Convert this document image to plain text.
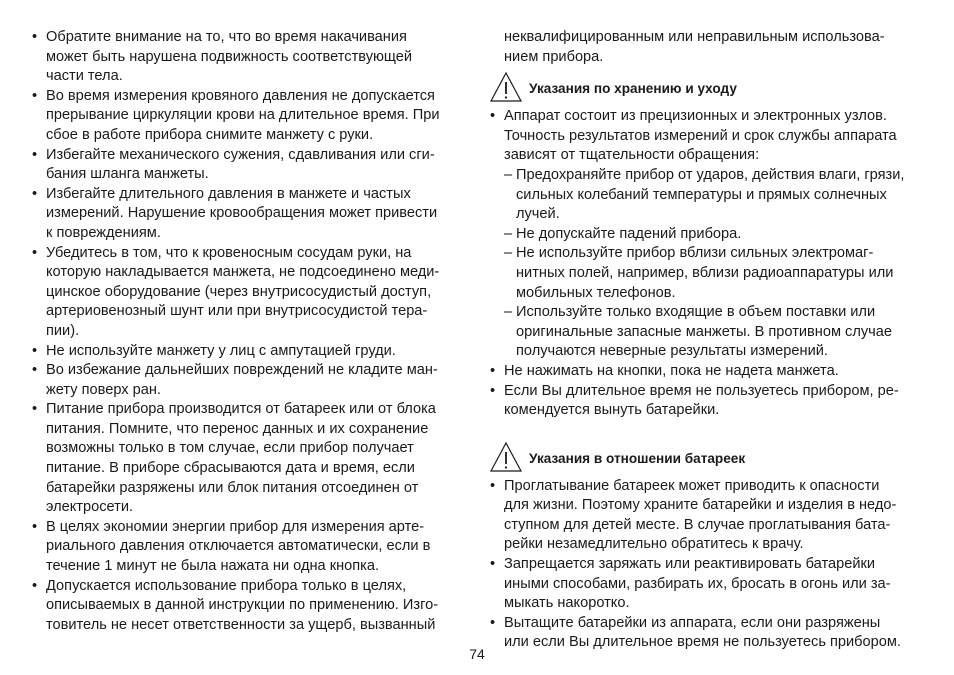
• Обратите внимание на то, что во время накачивания
может быть нарушена подвижность соответствующей
части тела.
• Во время измерения кровяного давления не допускается
прерывание циркуляции крови на длительное время. При
сбое в работе прибора снимите манжету с руки.
• Избегайте механического сужения, сдавливания или сги-
бания шланга манжеты.
• Избегайте длительного давления в манжете и частых
измерений. Нарушение кровообращения может привести
к повреждениям.
• Убедитесь в том, что к кровеносным сосудам руки, на
которую накладывается манжета, не подсоединено меди-
цинское оборудование (через внутрисосудистый доступ,
артериовенозный шунт или при внутрисосудистой тера-
пии).
• Не используйте манжету у лиц с ампутацией груди.
• Во избежание дальнейших повреждений не кладите ман-
жету поверх ран.
• Питание прибора производится от батареек или от блока
питания. Помните, что перенос данных и их сохранение
возможны только в том случае, если прибор получает
питание. В приборе сбрасываются дата и время, если
батарейки разряжены или блок питания отсоединен от
электросети.
• В целях экономии энергии прибор для измерения арте-
риального давления отключается автоматически, если в
течение 1 минут не была нажата ни одна кнопка.
• Допускается использование прибора только в целях,
описываемых в данной инструкции по применению. Изго-
товитель не несет ответственности за ущерб, вызванный
неквалифицированным или неправильным использова-
нием прибора.
Указания по хранению и уходу
• Аппарат состоит из прецизионных и электронных узлов.
Точность результатов измерений и срок службы аппарата
зависят от тщательности обращения:
– Предохраняйте прибор от ударов, действия влаги, грязи,
сильных колебаний температуры и прямых солнечных
лучей.
– Не допускайте падений прибора.
– Не используйте прибор вблизи сильных электромаг-
нитных полей, например, вблизи радиоаппаратуры или
мобильных телефонов.
– Используйте только входящие в объем поставки или
оригинальные запасные манжеты. В противном случае
получаются неверные результаты измерений.
• Не нажимать на кнопки, пока не надета манжета.
• Если Вы длительное время не пользуетесь прибором, ре-
комендуется вынуть батарейки.
Указания в отношении батареек
• Проглатывание батареек может приводить к опасности
для жизни. Поэтому храните батарейки и изделия в недо-
ступном для детей месте. В случае проглатывания бата-
рейки незамедлительно обратитесь к врачу.
• Запрещается заряжать или реактивировать батарейки
иными способами, разбирать их, бросать в огонь или за-
мыкать накоротко.
• Вытащите батарейки из аппарата, если они разряжены
или если Вы длительное время не пользуетесь прибором.
74
